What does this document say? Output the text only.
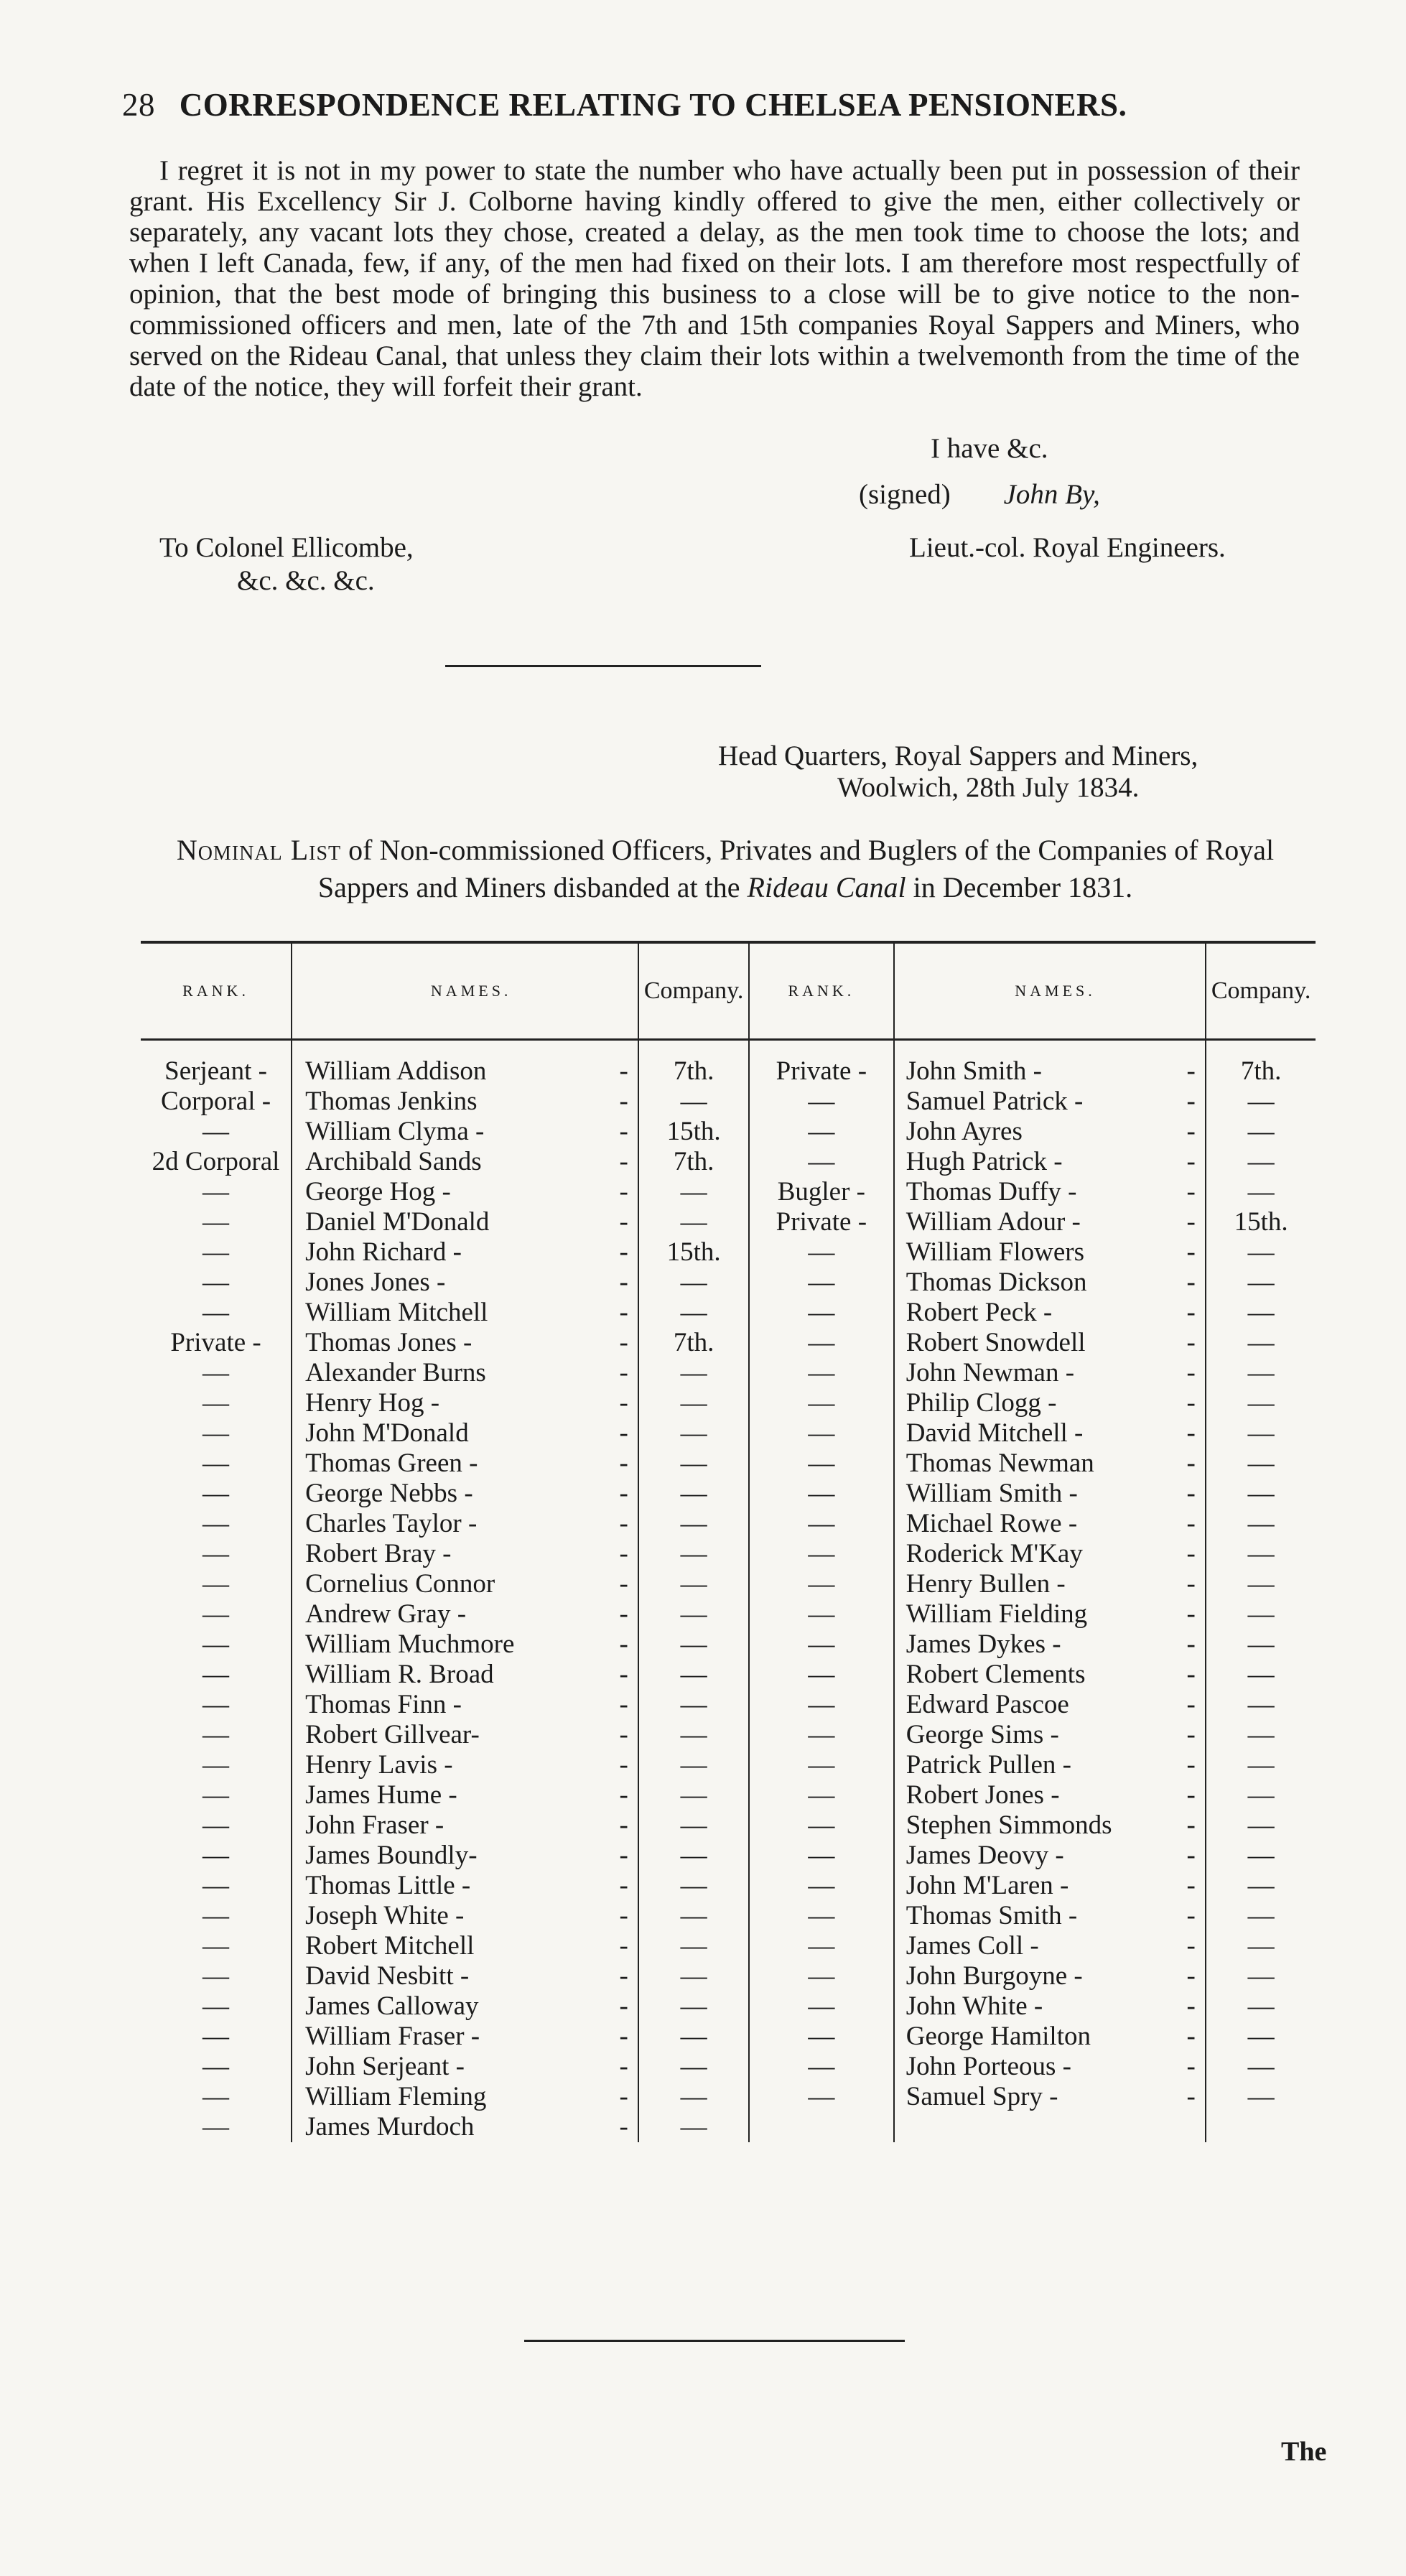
28 CORRESPONDENCE RELATING TO CHELSEA PENSIONERS.
I regret it is not in my power to state the number who have actually been put in possession of their grant. His Excellency Sir J. Colborne having kindly offered to give the men, either collectively or separately, any vacant lots they chose, created a delay, as the men took time to choose the lots; and when I left Canada, few, if any, of the men had fixed on their lots. I am therefore most respectfully of opinion, that the best mode of bringing this business to a close will be to give notice to the non-commissioned officers and men, late of the 7th and 15th companies Royal Sappers and Miners, who served on the Rideau Canal, that unless they claim their lots within a twelvemonth from the time of the date of the notice, they will forfeit their grant.
I have &c.
(signed) John By,
To Colonel Ellicombe,	Lieut.-col. Royal Engineers.
&c. &c. &c.
Head Quarters, Royal Sappers and Miners,
Woolwich, 28th July 1834.
Nominal List of Non-commissioned Officers, Privates and Buglers of the Companies of Royal Sappers and Miners disbanded at the Rideau Canal in December 1831.
RANK.	NAMES.		Company.	RANK.	NAMES.		Company.

Serjeant -	William Addison	-	7th.	Private -	John Smith -	-	7th.
Corporal -	Thomas Jenkins	-	—	—	Samuel Patrick -	-	—
—	William Clyma -	-	15th.	—	John Ayres	-	—
2d Corporal	Archibald Sands	-	7th.	—	Hugh Patrick -	-	—
—	George Hog -	-	—	Bugler -	Thomas Duffy -	-	—
—	Daniel M'Donald	-	—	Private -	William Adour -	-	15th.
—	John Richard -	-	15th.	—	William Flowers	-	—
—	Jones Jones -	-	—	—	Thomas Dickson	-	—
—	William Mitchell	-	—	—	Robert Peck -	-	—
Private -	Thomas Jones -	-	7th.	—	Robert Snowdell	-	—
—	Alexander Burns	-	—	—	John Newman -	-	—
—	Henry Hog -	-	—	—	Philip Clogg -	-	—
—	John M'Donald	-	—	—	David Mitchell -	-	—
—	Thomas Green -	-	—	—	Thomas Newman	-	—
—	George Nebbs -	-	—	—	William Smith -	-	—
—	Charles Taylor -	-	—	—	Michael Rowe -	-	—
—	Robert Bray -	-	—	—	Roderick M'Kay	-	—
—	Cornelius Connor	-	—	—	Henry Bullen -	-	—
—	Andrew Gray -	-	—	—	William Fielding	-	—
—	William Muchmore	-	—	—	James Dykes -	-	—
—	William R. Broad	-	—	—	Robert Clements	-	—
—	Thomas Finn -	-	—	—	Edward Pascoe	-	—
—	Robert Gillvear-	-	—	—	George Sims -	-	—
—	Henry Lavis -	-	—	—	Patrick Pullen -	-	—
—	James Hume -	-	—	—	Robert Jones -	-	—
—	John Fraser -	-	—	—	Stephen Simmonds	-	—
—	James Boundly-	-	—	—	James Deovy -	-	—
—	Thomas Little -	-	—	—	John M'Laren -	-	—
—	Joseph White -	-	—	—	Thomas Smith -	-	—
—	Robert Mitchell	-	—	—	James Coll -	-	—
—	David Nesbitt -	-	—	—	John Burgoyne -	-	—
—	James Calloway	-	—	—	John White -	-	—
—	William Fraser -	-	—	—	George Hamilton	-	—
—	John Serjeant -	-	—	—	John Porteous -	-	—
—	William Fleming	-	—	—	Samuel Spry -	-	—
—	James Murdoch	-	—				
The
